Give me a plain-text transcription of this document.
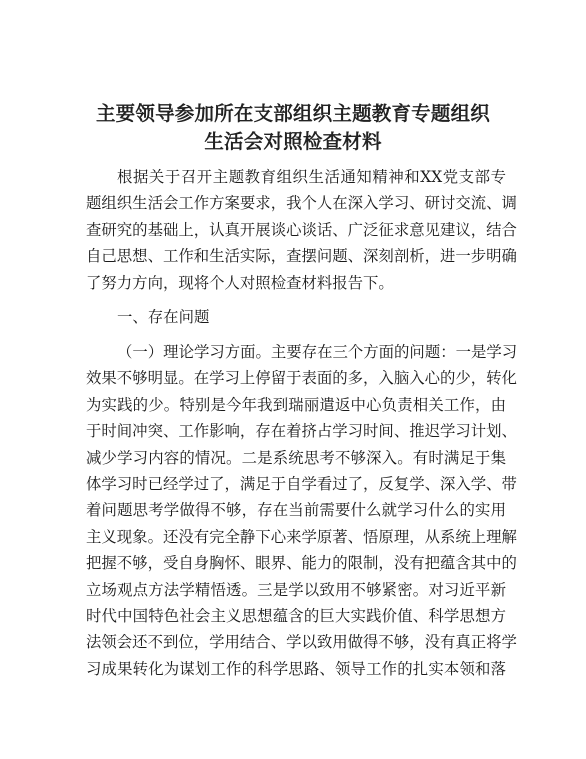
主要领导参加所在支部组织主题教育专题组织
生活会对照检查材料
根据关于召开主题教育组织生活通知精神和XX党支部专
题组织生活会工作方案要求，我个人在深入学习、研讨交流、调
查研究的基础上，认真开展谈心谈话、广泛征求意见建议，结合
自己思想、工作和生活实际，查摆问题、深刻剖析，进一步明确
了努力方向，现将个人对照检查材料报告下。
一、存在问题
（一）理论学习方面。主要存在三个方面的问题：一是学习
效果不够明显。在学习上停留于表面的多，入脑入心的少，转化
为实践的少。特别是今年我到瑞丽遣返中心负责相关工作，由
于时间冲突、工作影响，存在着挤占学习时间、推迟学习计划、
减少学习内容的情况。二是系统思考不够深入。有时满足于集
体学习时已经学过了，满足于自学看过了，反复学、深入学、带
着问题思考学做得不够，存在当前需要什么就学习什么的实用
主义现象。还没有完全静下心来学原著、悟原理，从系统上理解
把握不够，受自身胸怀、眼界、能力的限制，没有把蕴含其中的
立场观点方法学精悟透。三是学以致用不够紧密。对习近平新
时代中国特色社会主义思想蕴含的巨大实践价值、科学思想方
法领会还不到位，学用结合、学以致用做得不够，没有真正将学
习成果转化为谋划工作的科学思路、领导工作的扎实本领和落
